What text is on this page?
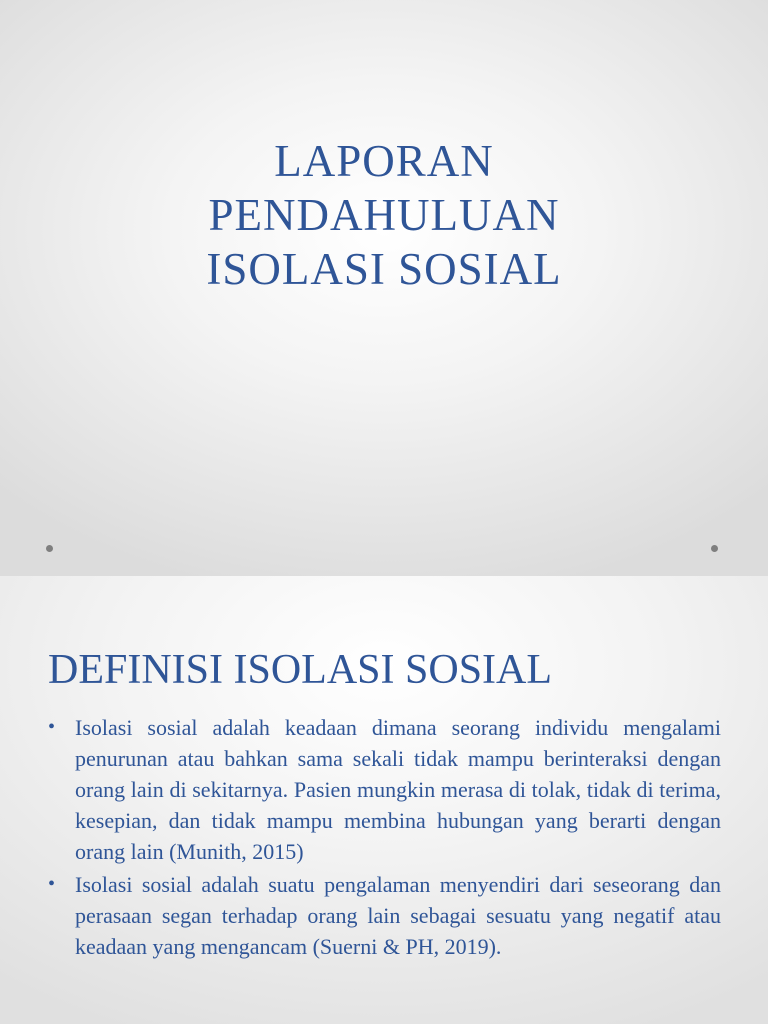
LAPORAN
PENDAHULUAN
ISOLASI SOSIAL
DEFINISI ISOLASI SOSIAL
• Isolasi sosial adalah keadaan dimana seorang individu mengalami penurunan atau bahkan sama sekali tidak mampu berinteraksi dengan orang lain di sekitarnya. Pasien mungkin merasa di tolak, tidak di terima, kesepian, dan tidak mampu membina hubungan yang berarti dengan orang lain (Munith, 2015)
• Isolasi sosial adalah suatu pengalaman menyendiri dari seseorang dan perasaan segan terhadap orang lain sebagai sesuatu yang negatif atau keadaan yang mengancam (Suerni & PH, 2019).
